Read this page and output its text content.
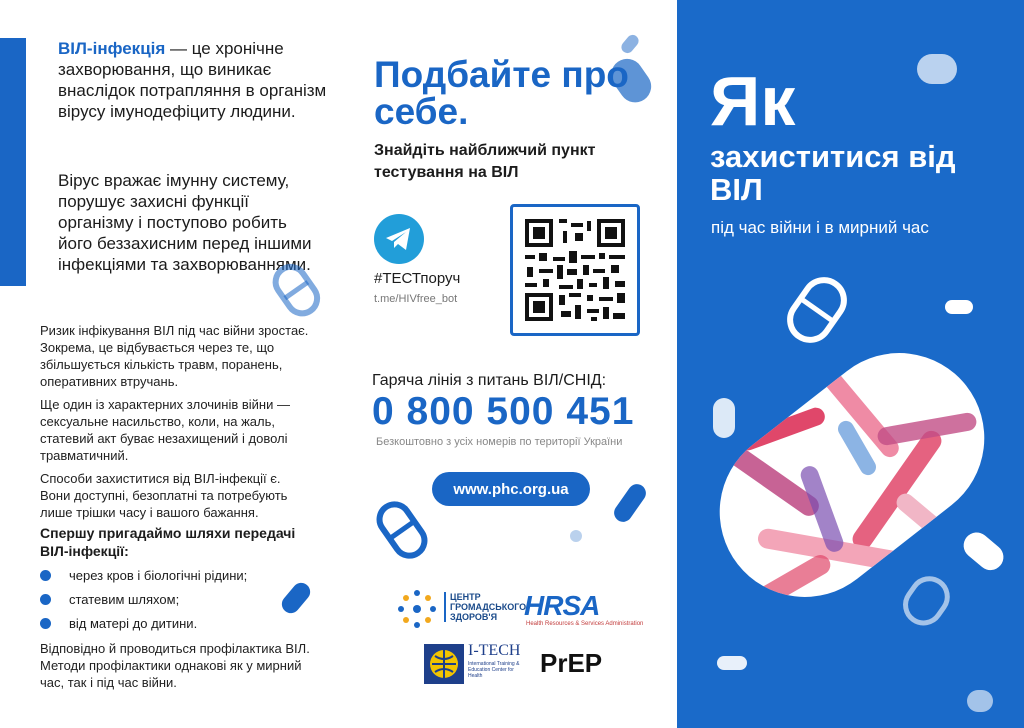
ВІЛ-інфекція — це хронічне захворювання, що виникає внаслідок потрапляння в організм вірусу імунодефіциту людини.
Вірус вражає імунну систему, порушує захисні функції організму і поступово робить його беззахисним перед іншими інфекціями та захворюваннями.
Ризик інфікування ВІЛ під час війни зростає. Зокрема, це відбувається через те, що збільшується кількість травм, поранень, оперативних втручань.
Ще один із характерних злочинів війни — сексуальне насильство, коли, на жаль, статевий акт буває незахищений і доволі травматичний.
Способи захиститися від ВІЛ-інфекції є. Вони доступні, безоплатні та потребують лише трішки часу і вашого бажання.
Спершу пригадаймо шляхи передачі ВІЛ-інфекції:
через кров і біологічні рідини;
статевим шляхом;
від матері до дитини.
Відповідно й проводиться профілактика ВІЛ. Методи профілактики однакові як у мирний час, так і під час війни.
Подбайте про себе.
Знайдіть найближчий пункт тестування на ВІЛ
#ТЕСТпоруч
t.me/HIVfree_bot
Гаряча лінія з питань ВІЛ/СНІД:
0 800 500 451
Безкоштовно з усіх номерів по території України
www.phc.org.ua
ЦЕНТР ГРОМАДСЬКОГО ЗДОРОВ'Я HRSA
Health Resources & Services Administration
I-TECH
International Training & Education Center for Health	PrEP
Як
захиститися від ВІЛ
під час війни і в мирний час
